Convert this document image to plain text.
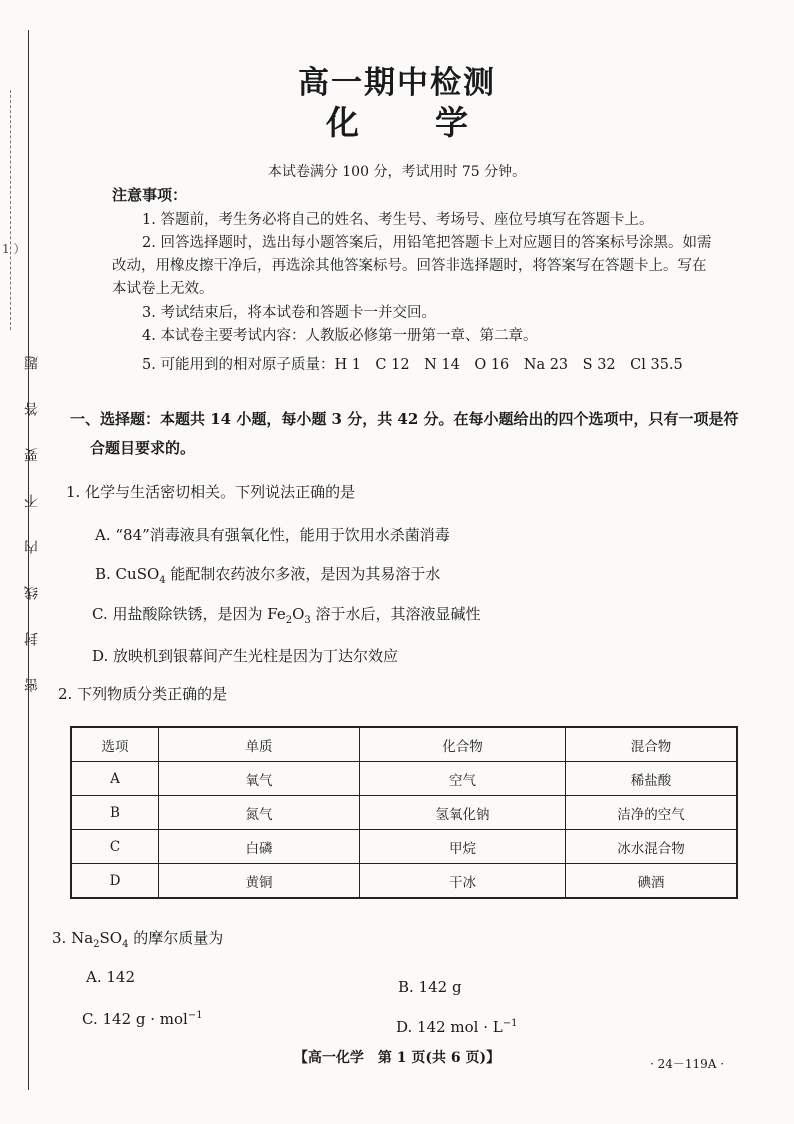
1 ）
题
答
要
不
内
线
封
密
高一期中检测
化 学
本试卷满分 100 分，考试用时 75 分钟。
注意事项：
1. 答题前，考生务必将自己的姓名、考生号、考场号、座位号填写在答题卡上。
2. 回答选择题时，选出每小题答案后，用铅笔把答题卡上对应题目的答案标号涂黑。如需改动，用橡皮擦干净后，再选涂其他答案标号。回答非选择题时，将答案写在答题卡上。写在本试卷上无效。
3. 考试结束后，将本试卷和答题卡一并交回。
4. 本试卷主要考试内容：人教版必修第一册第一章、第二章。
5. 可能用到的相对原子质量：H 1　C 12　N 14　O 16　Na 23　S 32　Cl 35.5
一、选择题：本题共 14 小题，每小题 3 分，共 42 分。在每小题给出的四个选项中，只有一项是符
合题目要求的。
1. 化学与生活密切相关。下列说法正确的是
A. “84”消毒液具有强氧化性，能用于饮用水杀菌消毒
B. CuSO$_4$ 能配制农药波尔多液，是因为其易溶于水
C. 用盐酸除铁锈，是因为 $Fe_2O_3$ 溶于水后，其溶液显碱性
D. 放映机到银幕间产生光柱是因为丁达尔效应
2. 下列物质分类正确的是
选项	单质	化合物	混合物
A	氧气	空气	稀盐酸
B	氮气	氢氧化钠	洁净的空气
C	白磷	甲烷	冰水混合物
D	黄铜	干冰	碘酒
3. $Na_2SO_4$ 的摩尔质量为
A. 142
B. 142 g
C. 142 g · mol$^{-1}$
D. 142 mol · $L^{-1}$
【高一化学　第 1 页(共 6 页)】	· 24－119A ·
